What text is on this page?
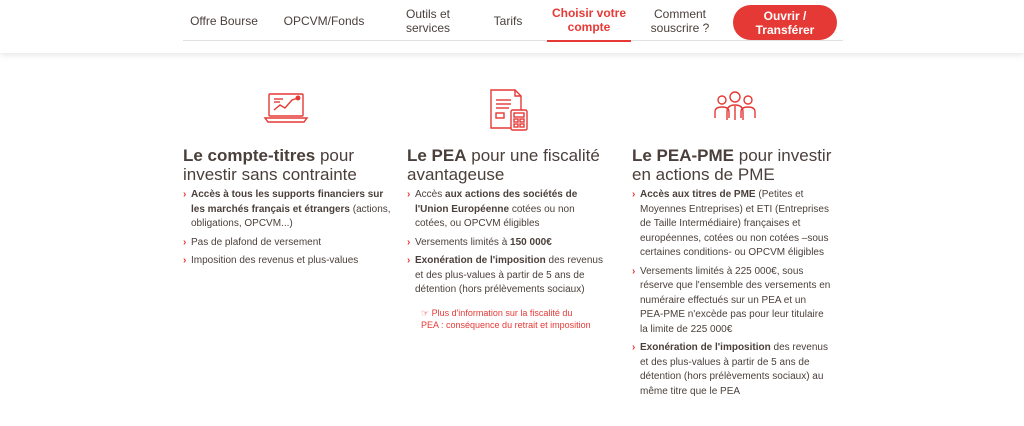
Offre Bourse	OPCVM/Fonds	Outils et
services	Tarifs
Choisir votre
compte
Comment
souscrire ?
Ouvrir /
Transférer
Le compte-titres pour investir sans contrainte
› Accès à tous les supports financiers sur les marchés français et étrangers (actions, obligations, OPCVM...)
› Pas de plafond de versement
› Imposition des revenus et plus-values
Le PEA pour une fiscalité avantageuse
› Accès aux actions des sociétés de l'Union Européenne cotées ou non cotées, ou OPCVM éligibles
› Versements limités à 150 000€
› Exonération de l'imposition des revenus et des plus-values à partir de 5 ans de détention (hors prélèvements sociaux)
☞ Plus d'information sur la fiscalité du PEA : conséquence du retrait et imposition
Le PEA-PME pour investir en actions de PME
› Accès aux titres de PME (Petites et Moyennes Entreprises) et ETI (Entreprises de Taille Intermédiaire) françaises et européennes, cotées ou non cotées –sous certaines conditions- ou OPCVM éligibles
› Versements limités à 225 000€, sous réserve que l'ensemble des versements en numéraire effectués sur un PEA et un PEA-PME n'excède pas pour leur titulaire la limite de 225 000€
› Exonération de l'imposition des revenus et des plus-values à partir de 5 ans de détention (hors prélèvements sociaux) au même titre que le PEA
